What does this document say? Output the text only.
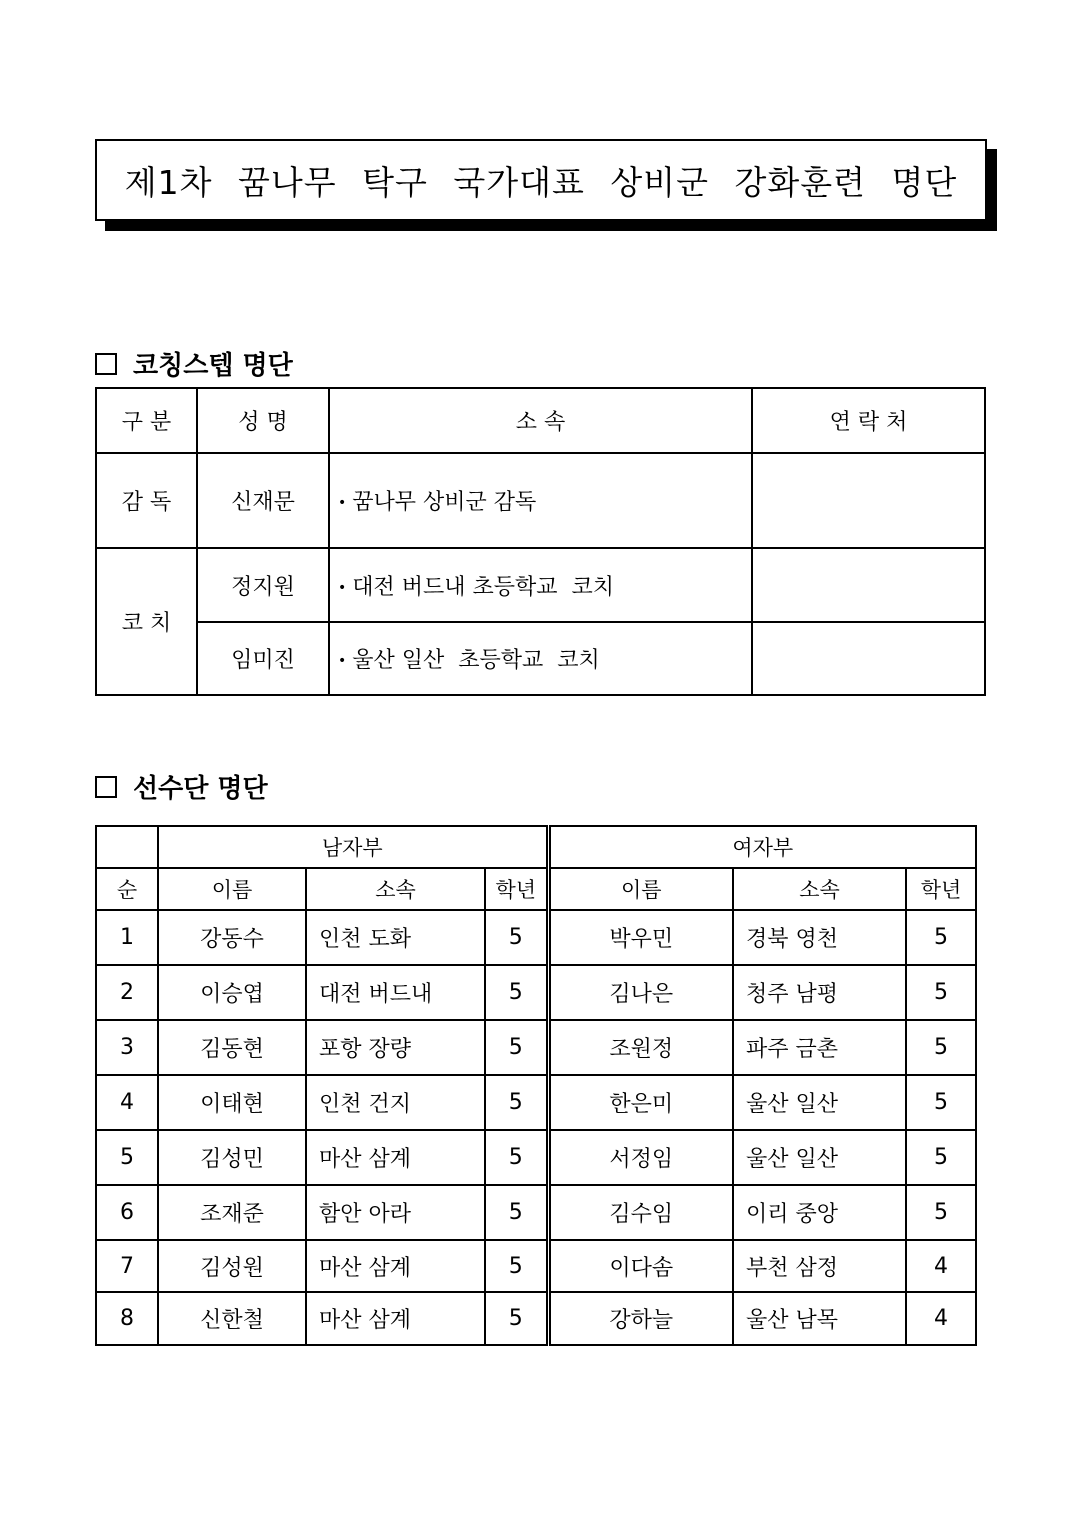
제1차 꿈나무 탁구 국가대표 상비군 강화훈련 명단
코칭스텝 명단
구 분	성 명	소 속	연 락 처
감 독	신재문	• 꿈나무 상비군 감독	
코 치	정지원	• 대전 버드내 초등학교  코치	
	임미진	• 울산 일산  초등학교  코치	
선수단 명단
	남자부			여자부		
순	이름	소속	학년	이름	소속	학년
1	강동수	인천 도화	5	박우민	경북 영천	5
2	이승엽	대전 버드내	5	김나은	청주 남평	5
3	김동현	포항 장량	5	조원정	파주 금촌	5
4	이태현	인천 건지	5	한은미	울산 일산	5
5	김성민	마산 삼계	5	서정임	울산 일산	5
6	조재준	함안 아라	5	김수임	이리 중앙	5
7	김성원	마산 삼계	5	이다솜	부천 삼정	4
8	신한철	마산 삼계	5	강하늘	울산 남목	4
